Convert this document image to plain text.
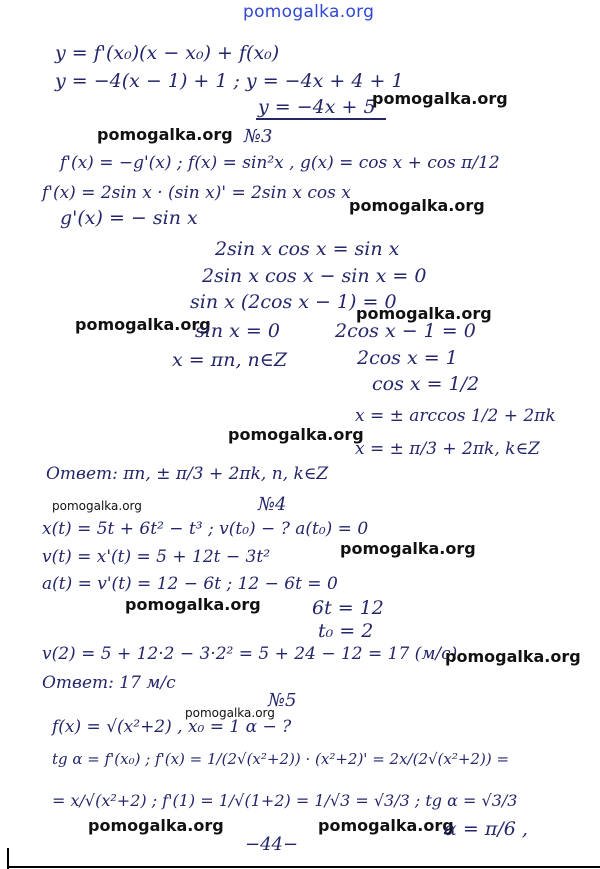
pomogalka.org
y = f'(x₀)(x − x₀) + f(x₀)
y = −4(x − 1) + 1 ; y = −4x + 4 + 1
y = −4x + 5
pomogalka.org
pomogalka.org №3
f'(x) = −g'(x) ; f(x) = sin²x , g(x) = cos x + cos π/12
f'(x) = 2sin x · (sin x)' = 2sin x cos x
pomogalka.org
g'(x) = − sin x
2sin x cos x = sin x
2sin x cos x − sin x = 0
sin x (2cos x − 1) = 0
pomogalka.org
pomogalka.org
sin x = 0	2cos x − 1 = 0
x = πn, n∈Z	2cos x = 1
cos x = 1/2
x = ± arccos 1/2 + 2πk
pomogalka.org
x = ± π/3 + 2πk, k∈Z
Ответ: πn, ± π/3 + 2πk, n, k∈Z
pomogalka.org	№4
x(t) = 5t + 6t² − t³ ; v(t₀) − ? a(t₀) = 0
pomogalka.org
v(t) = x'(t) = 5 + 12t − 3t²
a(t) = v'(t) = 12 − 6t ; 12 − 6t = 0
pomogalka.org	6t = 12
t₀ = 2
v(2) = 5 + 12·2 − 3·2² = 5 + 24 − 12 = 17 (м/с)
pomogalka.org
Ответ: 17 м/с
pomogalka.org
№5
f(x) = √(x²+2) , x₀ = 1 α − ?
tg α = f'(x₀) ; f'(x) = 1/(2√(x²+2)) · (x²+2)' = 2x/(2√(x²+2)) =
= x/√(x²+2) ; f'(1) = 1/√(1+2) = 1/√3 = √3/3 ; tg α = √3/3
pomogalka.org	pomogalka.org
α = π/6 ,
−44−
